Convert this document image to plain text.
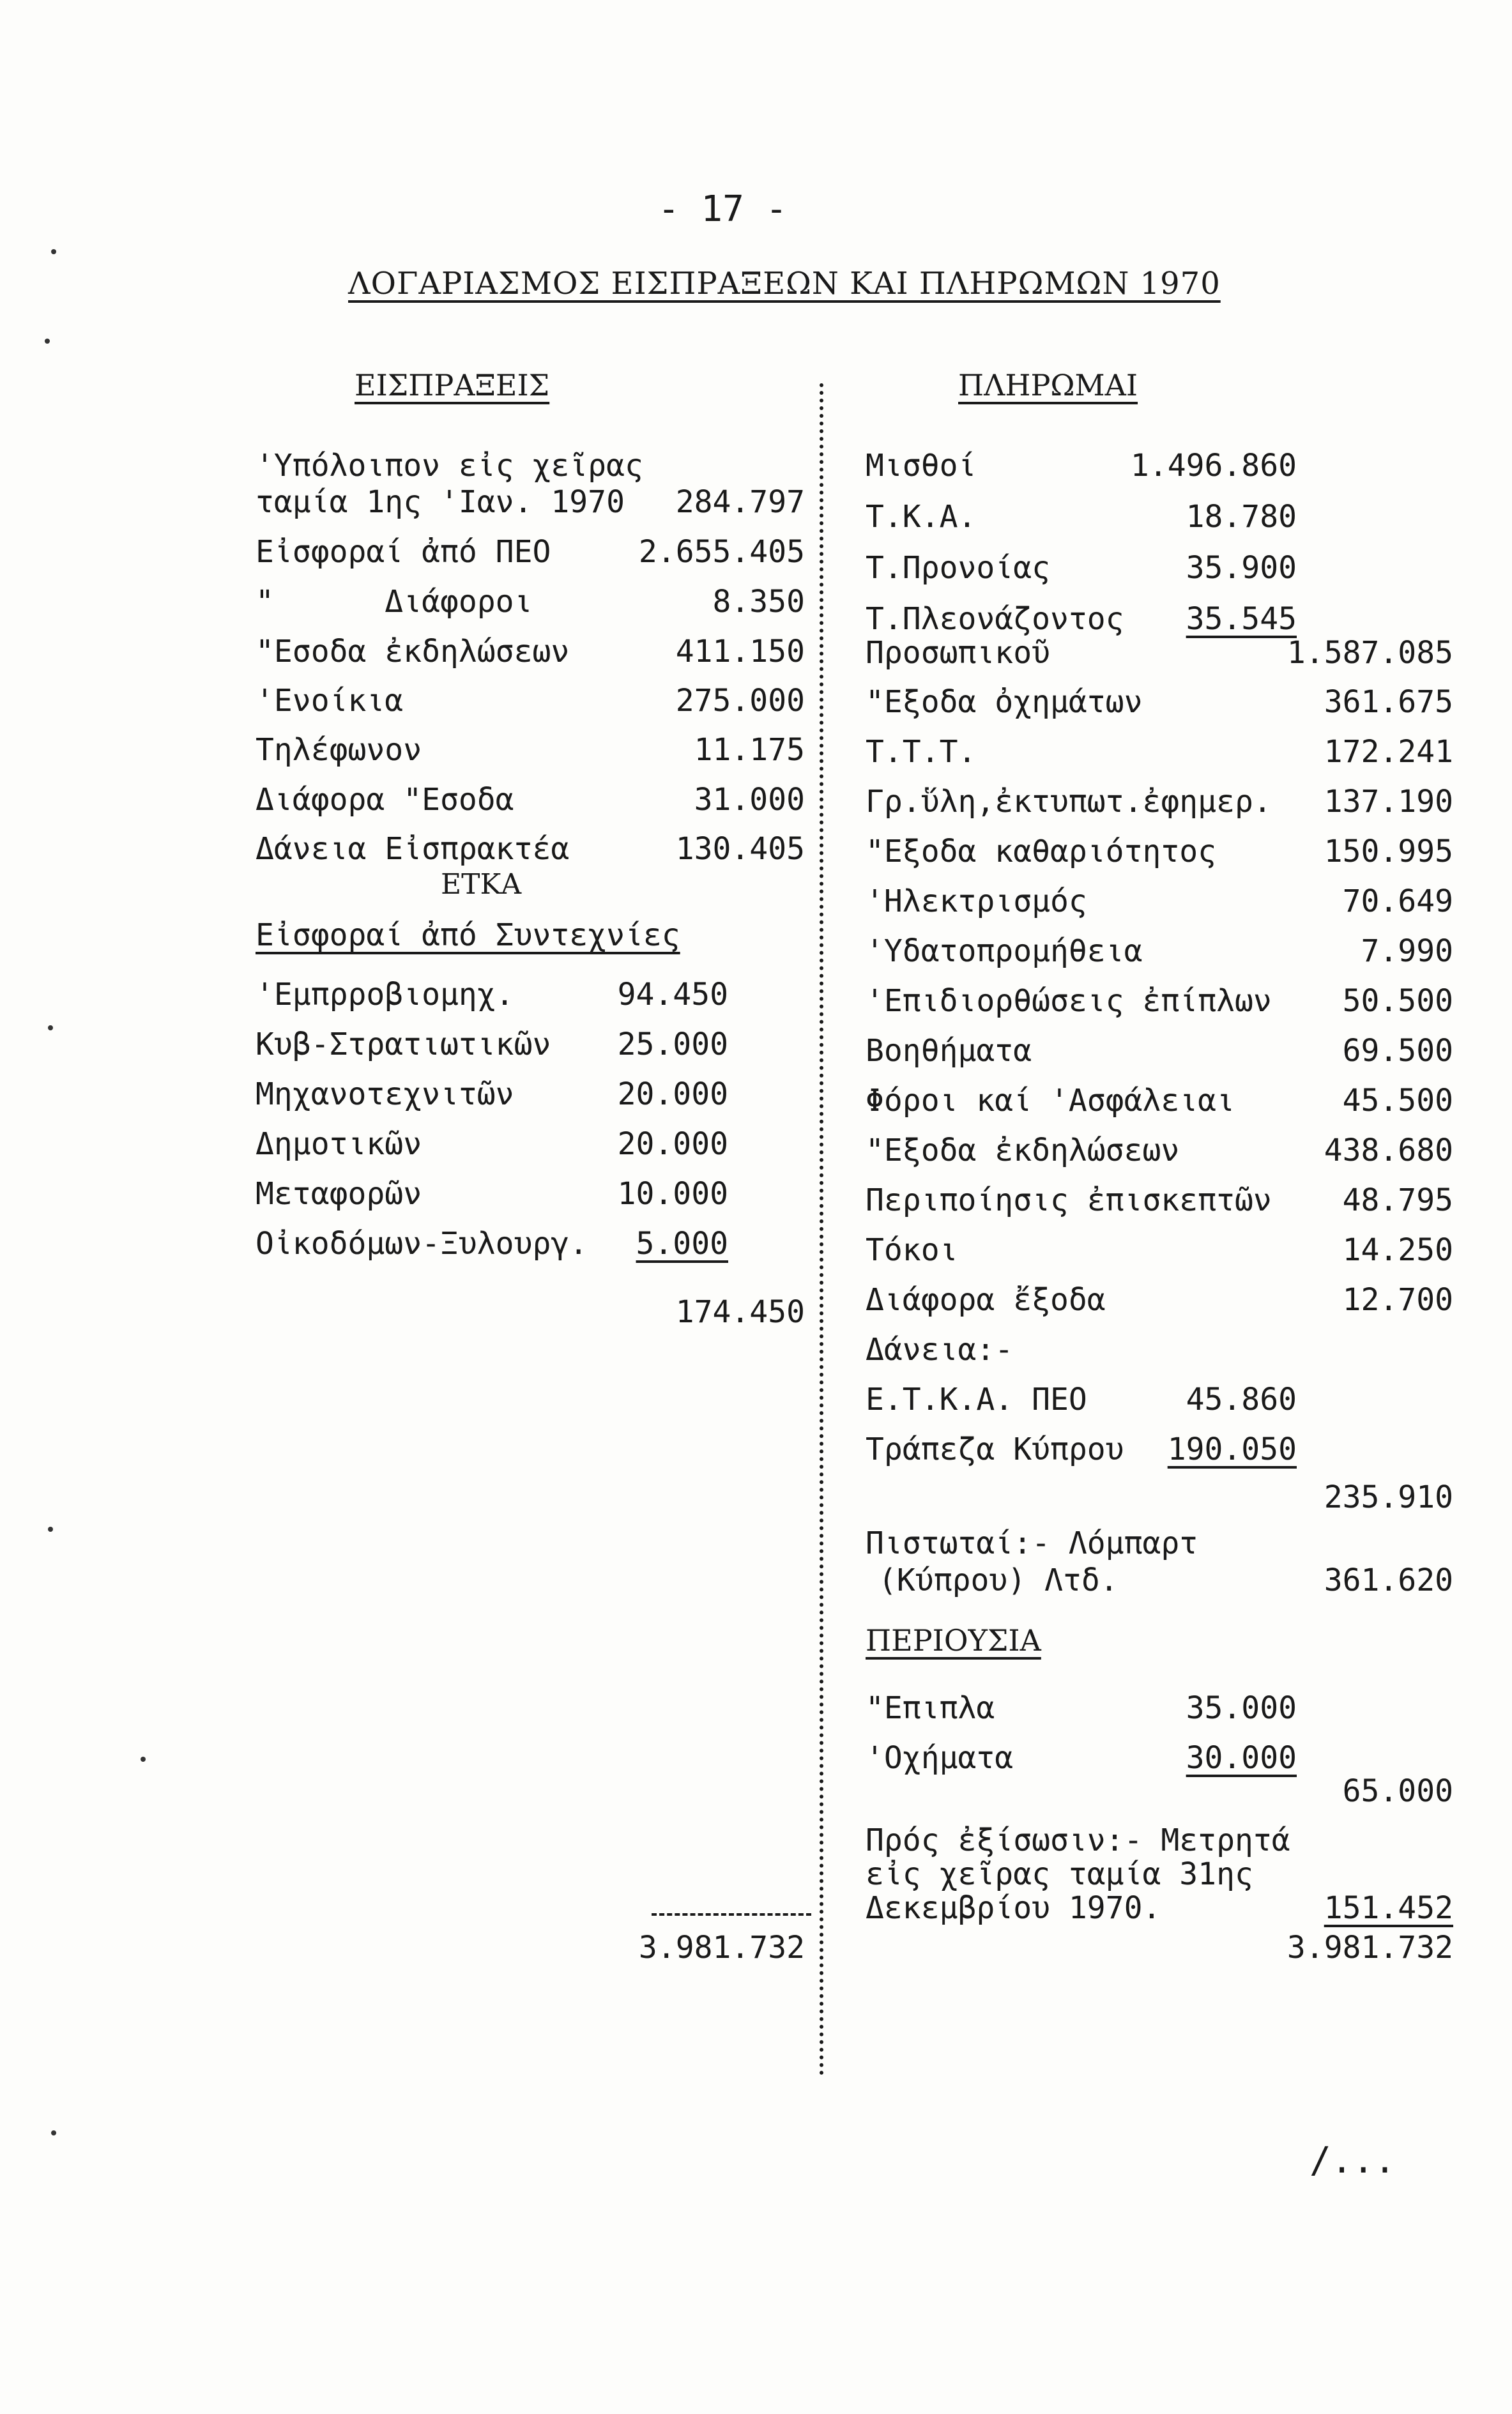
- 17 -
ΛΟΓΑΡΙΑΣΜΟΣ ΕΙΣΠΡΑΞΕΩΝ ΚΑΙ ΠΛΗΡΩΜΩΝ 1970
ΕΙΣΠΡΑΞΕΙΣ
'Υπόλοιπον εἰς χεῖρας
ταμία 1ης 'Ιαν. 1970	284.797
Εἰσφοραί ἀπό ΠΕΟ	2.655.405
"      Διάφοροι	8.350
"Εσοδα ἐκδηλώσεων	411.150
'Ενοίκια	275.000
Τηλέφωνον	11.175
Διάφορα "Εσοδα	31.000
Δάνεια Εἰσπρακτέα	130.405
ΕΤΚΑ
Εἰσφοραί ἀπό Συντεχνίες
'Εμπρροβιομηχ.	94.450
Κυβ-Στρατιωτικῶν	25.000
Μηχανοτεχνιτῶν	20.000
Δημοτικῶν	20.000
Μεταφορῶν	10.000
Οἰκοδόμων-Ξυλουργ.	5.000
174.450
3.981.732
ΠΛΗΡΩΜΑΙ
Μισθοί	1.496.860
Τ.Κ.Α.	18.780
Τ.Προνοίας	35.900
Τ.Πλεονάζοντος	35.545
Προσωπικοῦ	1.587.085
"Εξοδα ὀχημάτων	361.675
Τ.Τ.Τ.	172.241
Γρ.ὕλη,ἐκτυπωτ.ἐφημερ.	137.190
"Εξοδα καθαριότητος	150.995
'Ηλεκτρισμός	70.649
'Υδατοπρομήθεια	7.990
'Επιδιορθώσεις ἐπίπλων	50.500
Βοηθήματα	69.500
Φόροι καί 'Ασφάλειαι	45.500
"Εξοδα ἐκδηλώσεων	438.680
Περιποίησις ἐπισκεπτῶν	48.795
Τόκοι	14.250
Διάφορα ἔξοδα	12.700
Δάνεια:-
Ε.Τ.Κ.Α. ΠΕΟ	45.860
Τράπεζα Κύπρου	190.050
235.910
Πιστωταί:- Λόμπαρτ
(Κύπρου) Λτδ.	361.620
ΠΕΡΙΟΥΣΙΑ
"Επιπλα	35.000
'Οχήματα	30.000
65.000
Πρός ἐξίσωσιν:- Μετρητά
εἰς χεῖρας ταμία 31ης
Δεκεμβρίου 1970.	151.452
3.981.732
/...
